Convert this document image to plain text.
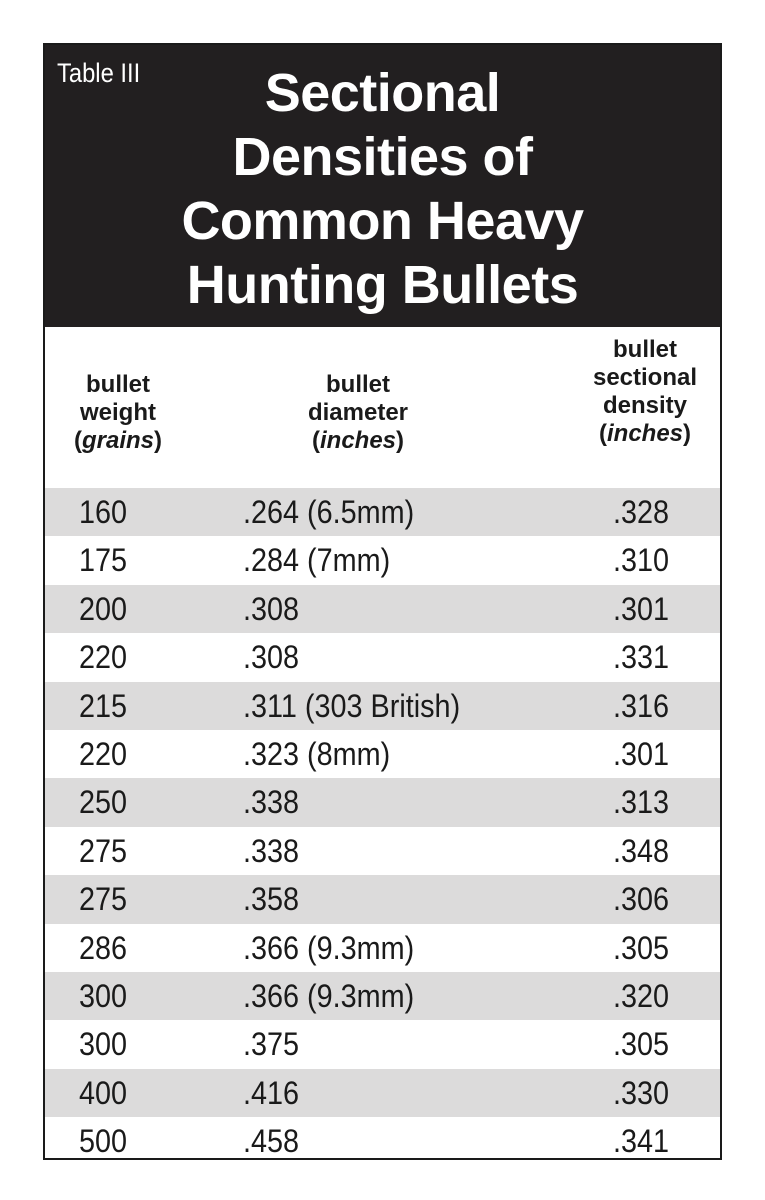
Table III	Sectional
Densities of
Common Heavy
Hunting Bullets
bullet
weight
(grains)
bullet
diameter
(inches)
bullet
sectional
density
(inches)
160	.264 (6.5mm)	.328
175	.284 (7mm)	.310
200	.308	.301
220	.308	.331
215	.311 (303 British)	.316
220	.323 (8mm)	.301
250	.338	.313
275	.338	.348
275	.358	.306
286	.366 (9.3mm)	.305
300	.366 (9.3mm)	.320
300	.375	.305
400	.416	.330
500	.458	.341
